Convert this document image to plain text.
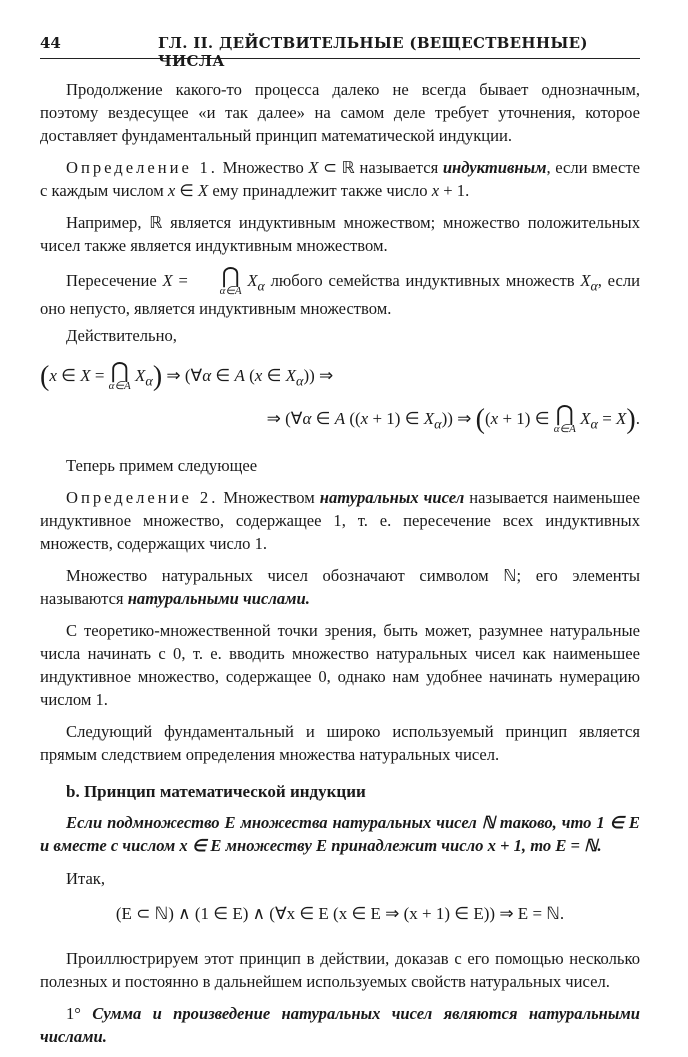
44	ГЛ. II. ДЕЙСТВИТЕЛЬНЫЕ (ВЕЩЕСТВЕННЫЕ) ЧИСЛА

Продолжение какого-то процесса далеко не всегда бывает однозначным, поэтому вездесущее «и так далее» на самом деле требует уточнения, которое доставляет фундаментальный принцип математической индукции.

Определение 1. Множество X ⊂ ℝ называется индуктивным, если вместе с каждым числом x ∈ X ему принадлежит также число x + 1.

Например, ℝ является индуктивным множеством; множество положительных чисел также является индуктивным множеством.

Пересечение X =	⋂
α∈A
$X_\alpha$ любого семейства индуктивных множеств $X_\alpha$, если оно непусто, является индуктивным множеством.

Действительно,

(x ∈ X = ⋂
α∈A
$X_\alpha$) ⇒ (∀α ∈ A (x ∈ $X_\alpha$)) ⇒
⇒ (∀α ∈ A ((x + 1) ∈ $X_\alpha$)) ⇒ ((x + 1) ∈ ⋂
α∈A
$X_\alpha = X$).

Теперь примем следующее

Определение 2. Множеством натуральных чисел называется наименьшее индуктивное множество, содержащее 1, т. е. пересечение всех индуктивных множеств, содержащих число 1.

Множество натуральных чисел обозначают символом ℕ; его элементы называются натуральными числами.

С теоретико-множественной точки зрения, быть может, разумнее натуральные числа начинать с 0, т. е. вводить множество натуральных чисел как наименьшее индуктивное множество, содержащее 0, однако нам удобнее начинать нумерацию числом 1.

Следующий фундаментальный и широко используемый принцип является прямым следствием определения множества натуральных чисел.

b. Принцип математической индукции
Если подмножество E множества натуральных чисел ℕ таково, что 1 ∈ E и вместе с числом x ∈ E множеству E принадлежит число x + 1, то E = ℕ.

Итак,

(E ⊂ ℕ) ∧ (1 ∈ E) ∧ (∀x ∈ E (x ∈ E ⇒ (x + 1) ∈ E)) ⇒ E = ℕ.

Проиллюстрируем этот принцип в действии, доказав с его помощью несколько полезных и постоянно в дальнейшем используемых свойств натуральных чисел.

1° Сумма и произведение натуральных чисел являются натуральными числами.
